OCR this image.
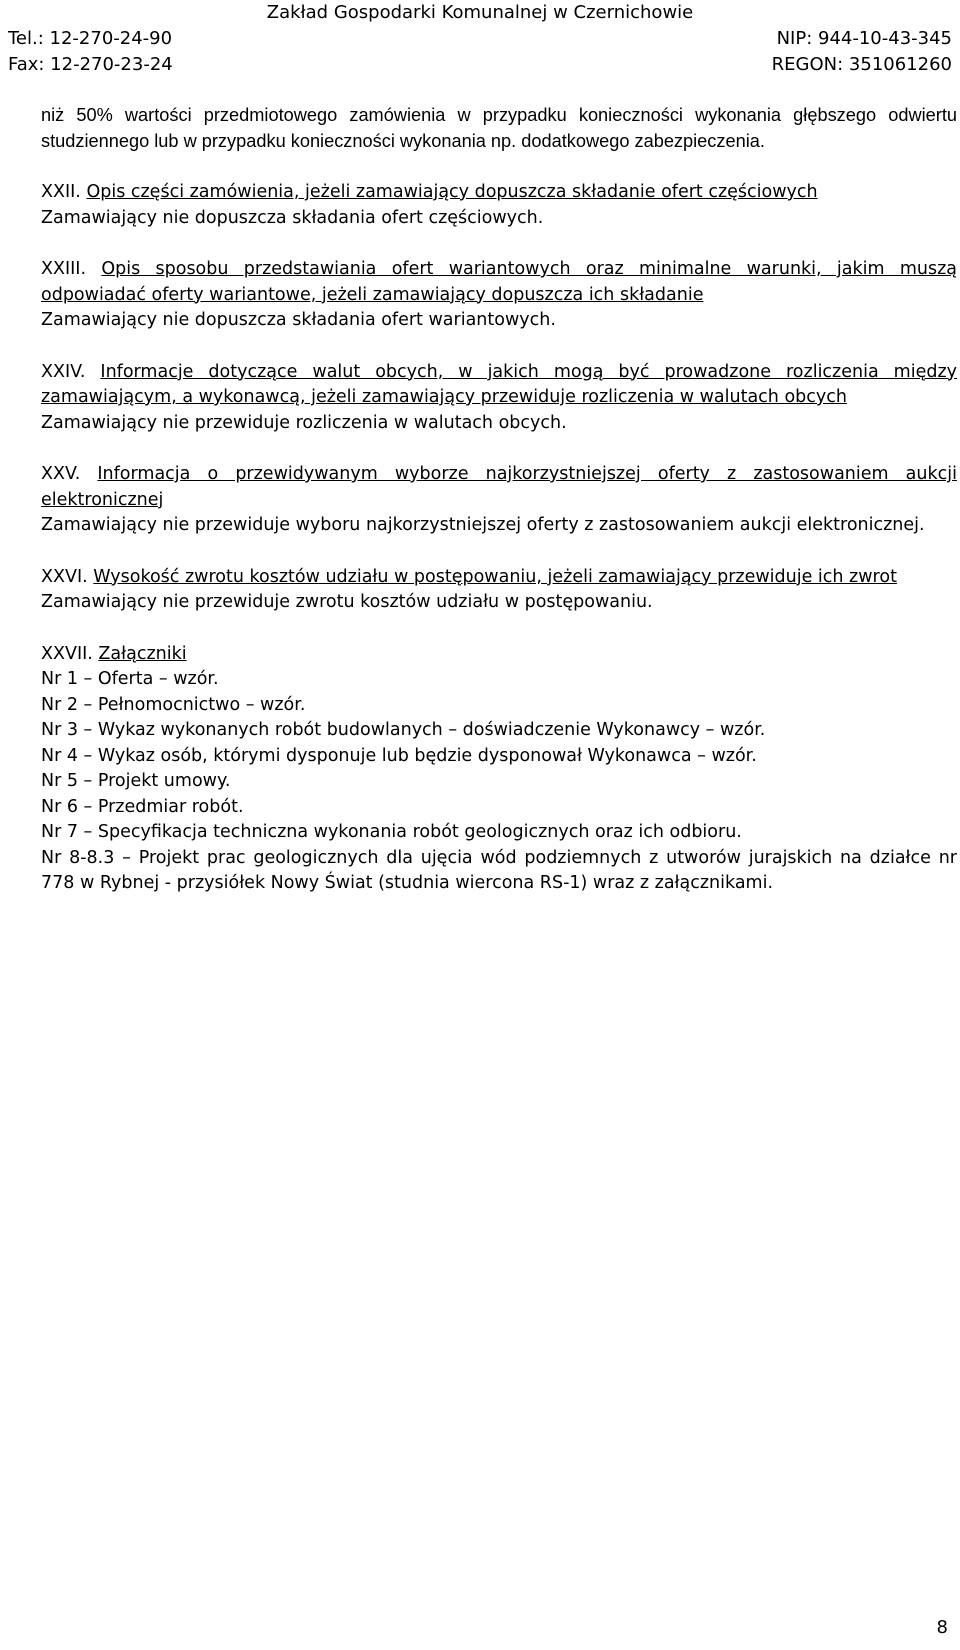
Zakład Gospodarki Komunalnej w Czernichowie
Tel.: 12-270-24-90	NIP: 944-10-43-345
Fax: 12-270-23-24	REGON: 351061260

niż 50% wartości przedmiotowego zamówienia w przypadku konieczności wykonania głębszego odwiertu studziennego lub w przypadku konieczności wykonania np. dodatkowego zabezpieczenia.

XXII. Opis części zamówienia, jeżeli zamawiający dopuszcza składanie ofert częściowych
Zamawiający nie dopuszcza składania ofert częściowych.
XXIII. Opis sposobu przedstawiania ofert wariantowych oraz minimalne warunki, jakim muszą odpowiadać oferty wariantowe, jeżeli zamawiający dopuszcza ich składanie
Zamawiający nie dopuszcza składania ofert wariantowych.
XXIV. Informacje dotyczące walut obcych, w jakich mogą być prowadzone rozliczenia między zamawiającym, a wykonawcą, jeżeli zamawiający przewiduje rozliczenia w walutach obcych
Zamawiający nie przewiduje rozliczenia w walutach obcych.
XXV. Informacja o przewidywanym wyborze najkorzystniejszej oferty z zastosowaniem aukcji elektronicznej
Zamawiający nie przewiduje wyboru najkorzystniejszej oferty z zastosowaniem aukcji elektronicznej.
XXVI. Wysokość zwrotu kosztów udziału w postępowaniu, jeżeli zamawiający przewiduje ich zwrot
Zamawiający nie przewiduje zwrotu kosztów udziału w postępowaniu.
XXVII. Załączniki
Nr 1 – Oferta – wzór.
Nr 2 – Pełnomocnictwo – wzór.
Nr 3 – Wykaz wykonanych robót budowlanych – doświadczenie Wykonawcy – wzór.
Nr 4 – Wykaz osób, którymi dysponuje lub będzie dysponował Wykonawca – wzór.
Nr 5 – Projekt umowy.
Nr 6 – Przedmiar robót.
Nr 7 – Specyfikacja techniczna wykonania robót geologicznych oraz ich odbioru.
Nr 8-8.3 – Projekt prac geologicznych dla ujęcia wód podziemnych z utworów jurajskich na działce nr 778 w Rybnej - przysiółek Nowy Świat (studnia wiercona RS-1) wraz z załącznikami.
8
